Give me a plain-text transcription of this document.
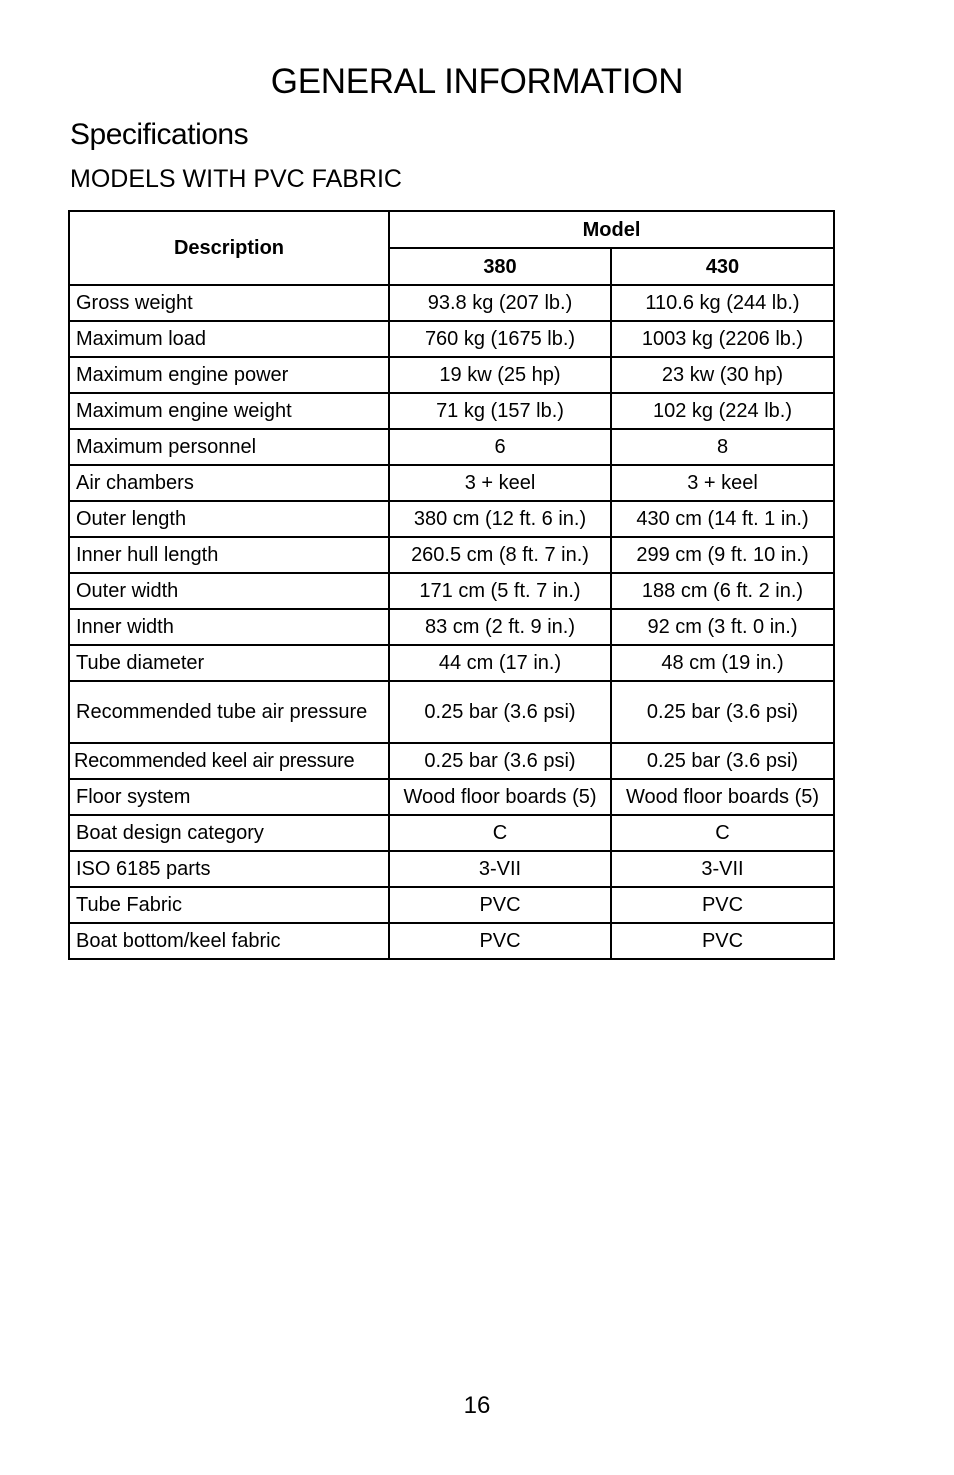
GENERAL INFORMATION
Specifications
MODELS WITH PVC FABRIC
Description	Model	
	380	430
Gross weight	93.8 kg (207 lb.)	110.6 kg (244 lb.)
Maximum load	760 kg (1675 lb.)	1003 kg (2206 lb.)
Maximum engine power	19 kw (25 hp)	23 kw (30 hp)
Maximum engine weight	71 kg (157 lb.)	102 kg (224 lb.)
Maximum personnel	6	8
Air chambers	3 + keel	3 + keel
Outer length	380 cm (12 ft. 6 in.)	430 cm (14 ft. 1 in.)
Inner hull length	260.5 cm (8 ft. 7 in.)	299 cm (9 ft. 10 in.)
Outer width	171 cm (5 ft. 7 in.)	188 cm (6 ft. 2 in.)
Inner width	83 cm (2 ft. 9 in.)	92 cm (3 ft. 0 in.)
Tube diameter	44 cm (17 in.)	48 cm (19 in.)
Recommended tube air pressure	0.25 bar (3.6 psi)	0.25 bar (3.6 psi)
Recommended keel air pressure	0.25 bar (3.6 psi)	0.25 bar (3.6 psi)
Floor system	Wood floor boards (5)	Wood floor boards (5)
Boat design category	C	C
ISO 6185 parts	3-VII	3-VII
Tube Fabric	PVC	PVC
Boat bottom/keel fabric	PVC	PVC
16
